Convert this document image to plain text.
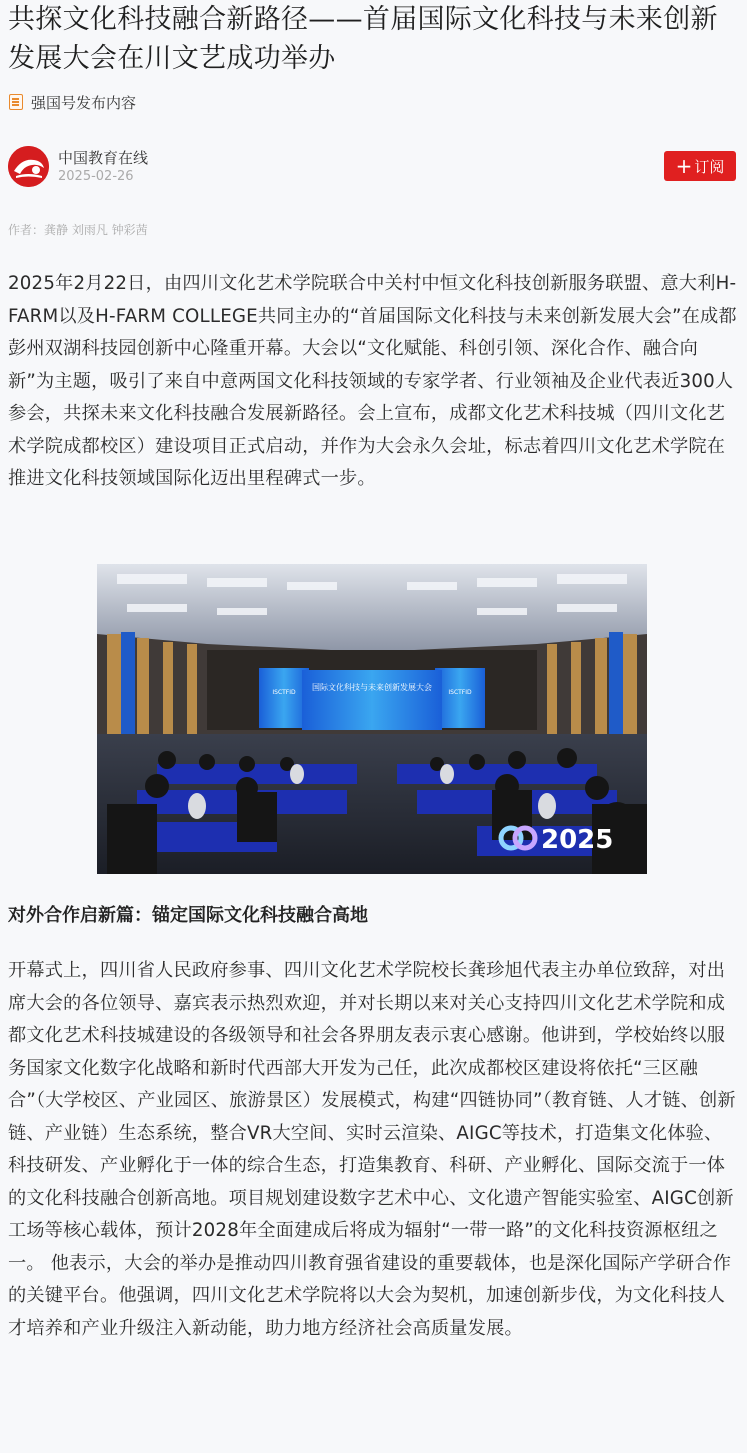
共探文化科技融合新路径——首届国际文化科技与未来创新发展大会在川文艺成功举办
强国号发布内容
中国教育在线
2025-02-26	+ 订阅
作者：龚静 刘雨凡 钟彩茜

2025年2月22日，由四川文化艺术学院联合中关村中恒文化科技创新服务联盟、意大利H-FARM以及H-FARM COLLEGE共同主办的“首届国际文化科技与未来创新发展大会”在成都彭州双湖科技园创新中心隆重开幕。大会以“文化赋能、科创引领、深化合作、融合向新”为主题，吸引了来自中意两国文化科技领域的专家学者、行业领袖及企业代表近300人参会，共探未来文化科技融合发展新路径。会上宣布，成都文化艺术科技城（四川文化艺术学院成都校区）建设项目正式启动，并作为大会永久会址，标志着四川文化艺术学院在推进文化科技领域国际化迈出里程碑式一步。

国际文化科技与未来创新发展大会
ISCTFID	ISCTFID
2025
对外合作启新篇：锚定国际文化科技融合高地

开幕式上，四川省人民政府参事、四川文化艺术学院校长龚珍旭代表主办单位致辞，对出席大会的各位领导、嘉宾表示热烈欢迎，并对长期以来对关心支持四川文化艺术学院和成都文化艺术科技城建设的各级领导和社会各界朋友表示衷心感谢。他讲到，学校始终以服务国家文化数字化战略和新时代西部大开发为己任，此次成都校区建设将依托“三区融合”（大学校区、产业园区、旅游景区）发展模式，构建“四链协同”（教育链、人才链、创新链、产业链）生态系统，整合VR大空间、实时云渲染、AIGC等技术，打造集文化体验、科技研发、产业孵化于一体的综合生态，打造集教育、科研、产业孵化、国际交流于一体的文化科技融合创新高地。项目规划建设数字艺术中心、文化遗产智能实验室、AIGC创新工场等核心载体，预计2028年全面建成后将成为辐射“一带一路”的文化科技资源枢纽之一。 他表示，大会的举办是推动四川教育强省建设的重要载体，也是深化国际产学研合作的关键平台。他强调，四川文化艺术学院将以大会为契机，加速创新步伐，为文化科技人才培养和产业升级注入新动能，助力地方经济社会高质量发展。
